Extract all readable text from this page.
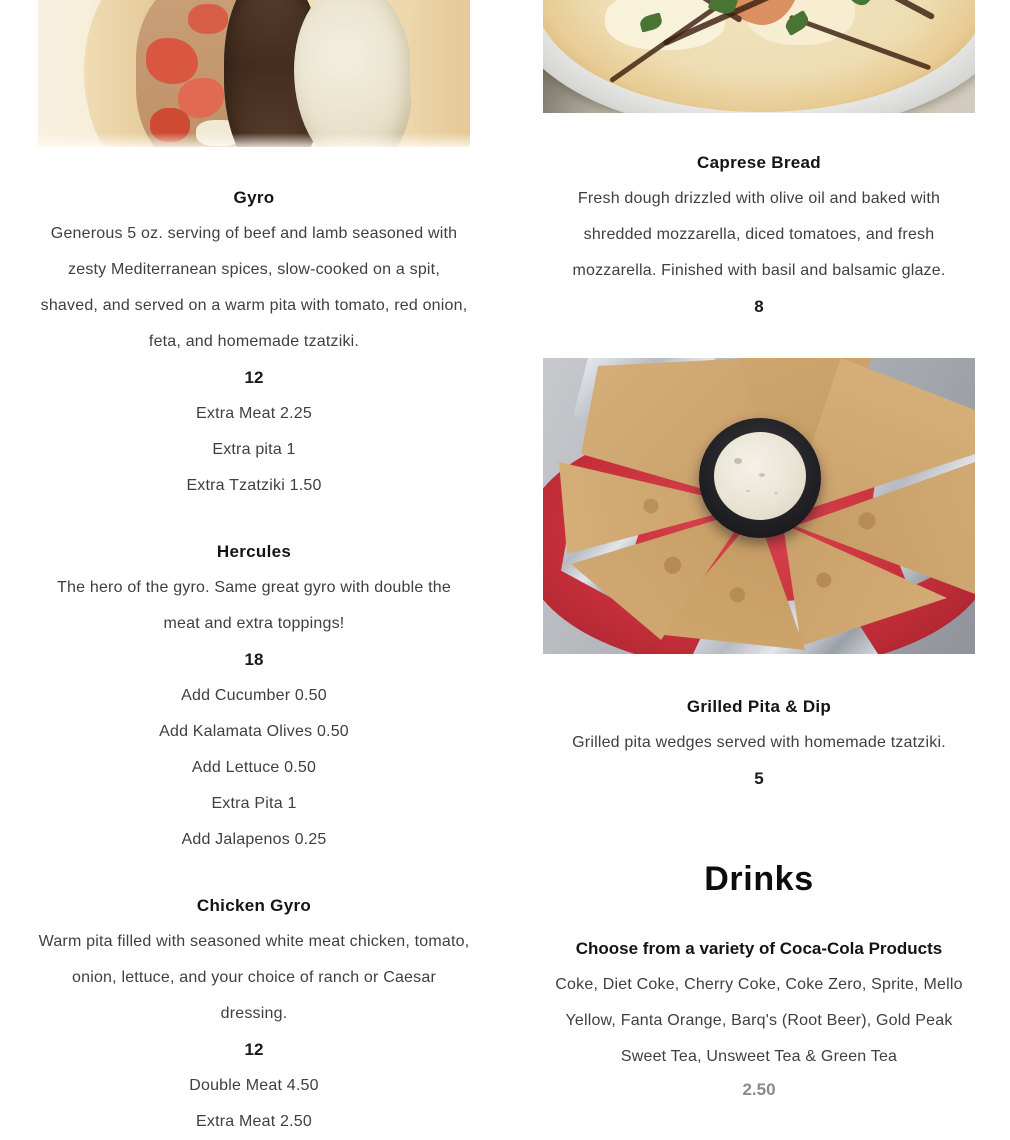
Gyro

Generous 5 oz. serving of beef and lamb seasoned with zesty Mediterranean spices, slow-cooked on a spit, shaved, and served on a warm pita with tomato, red onion, feta, and homemade tzatziki.

12
Extra Meat 2.25
Extra pita 1
Extra Tzatziki 1.50
Hercules

The hero of the gyro. Same great gyro with double the meat and extra toppings!

18
Add Cucumber 0.50
Add Kalamata Olives 0.50
Add Lettuce 0.50
Extra Pita 1
Add Jalapenos 0.25
Chicken Gyro

Warm pita filled with seasoned white meat chicken, tomato, onion, lettuce, and your choice of ranch or Caesar dressing.

12
Double Meat 4.50
Extra Meat 2.50
Caprese Bread

Fresh dough drizzled with olive oil and baked with shredded mozzarella, diced tomatoes, and fresh mozzarella. Finished with basil and balsamic glaze.

8
Grilled Pita & Dip

Grilled pita wedges served with homemade tzatziki.

5
Drinks
Choose from a variety of Coca-Cola Products

Coke, Diet Coke, Cherry Coke, Coke Zero, Sprite, Mello Yellow, Fanta Orange, Barq's (Root Beer), Gold Peak Sweet Tea, Unsweet Tea & Green Tea

2.50
